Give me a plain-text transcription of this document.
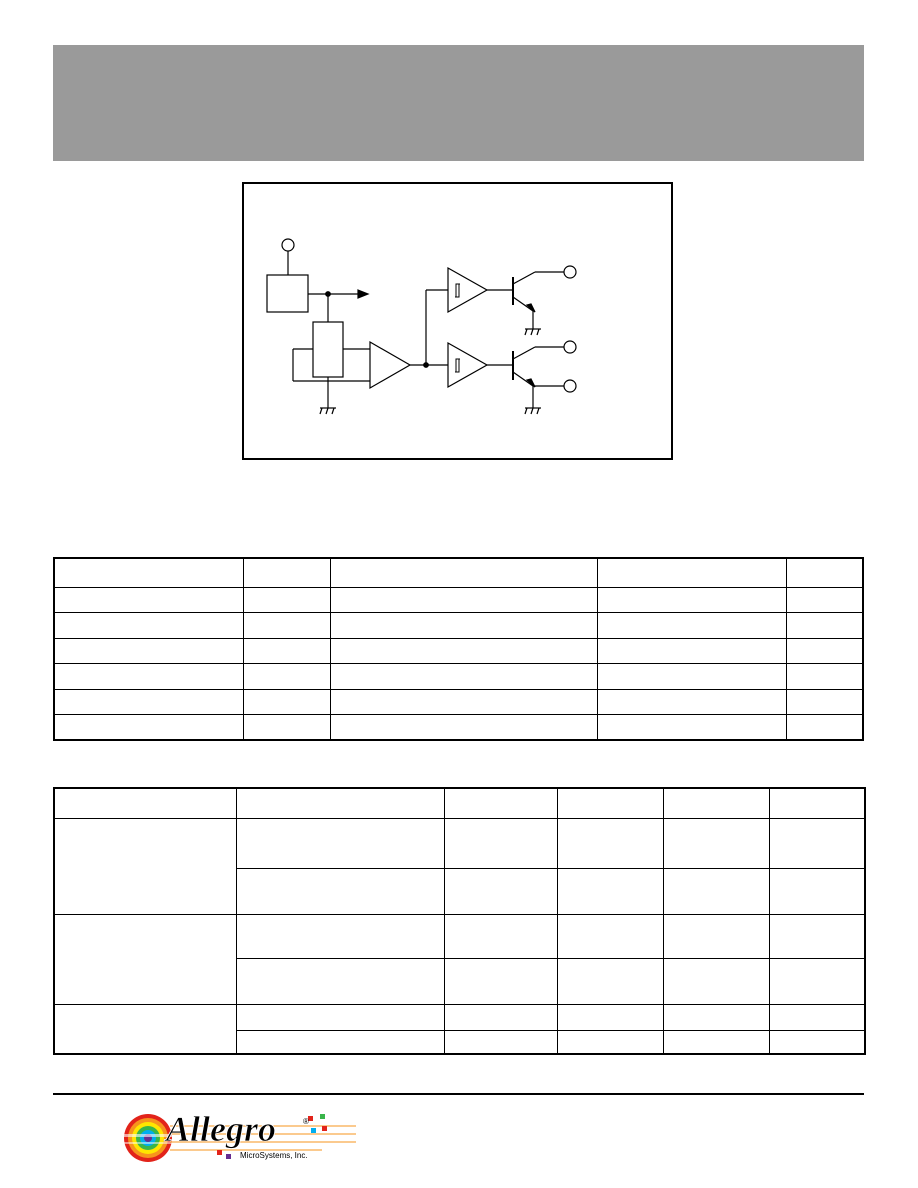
Allegro	®
MicroSystems, Inc.
